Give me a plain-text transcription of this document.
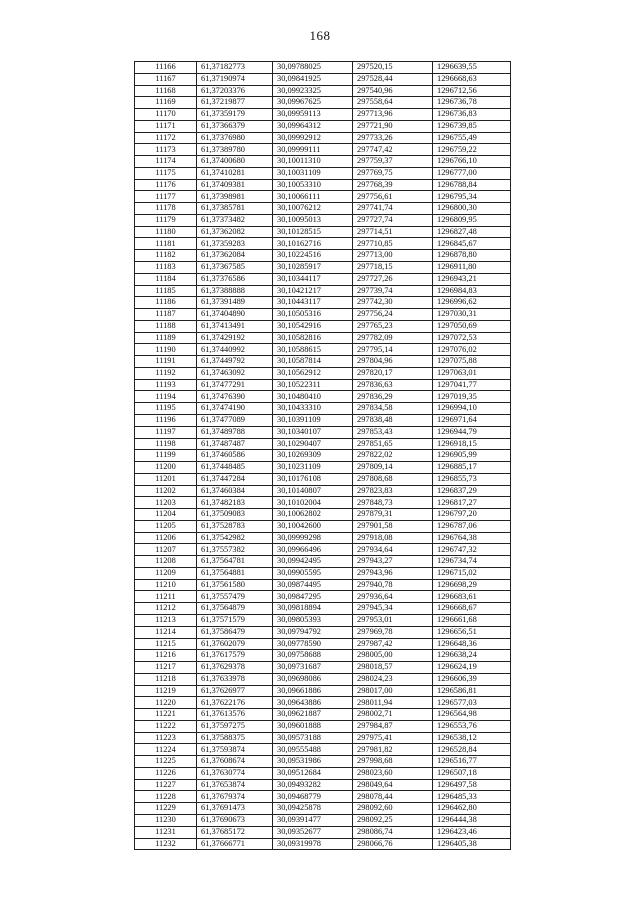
168
11166	61,37182773	30,09788025	297520,15	1296639,55
11167	61,37190974	30,09841925	297528,44	1296668,63
11168	61,37203376	30,09923325	297540,96	1296712,56
11169	61,37219877	30,09967625	297558,64	1296736,78
11170	61,37359179	30,09959113	297713,96	1296736,83
11171	61,37366379	30,09964312	297721,90	1296739,85
11172	61,37376980	30,09992912	297733,26	1296755,49
11173	61,37389780	30,09999111	297747,42	1296759,22
11174	61,37400680	30,10011310	297759,37	1296766,10
11175	61,37410281	30,10031109	297769,75	1296777,00
11176	61,37409381	30,10053310	297768,39	1296788,84
11177	61,37398981	30,10066111	297756,61	1296795,34
11178	61,37385781	30,10076212	297741,74	1296800,30
11179	61,37373482	30,10095013	297727,74	1296809,95
11180	61,37362082	30,10128515	297714,51	1296827,48
11181	61,37359283	30,10162716	297710,85	1296845,67
11182	61,37362084	30,10224516	297713,00	1296878,80
11183	61,37367585	30,10285917	297718,15	1296911,80
11184	61,37376586	30,10344117	297727,26	1296943,21
11185	61,37388888	30,10421217	297739,74	1296984,83
11186	61,37391489	30,10443117	297742,30	1296996,62
11187	61,37404890	30,10505316	297756,24	1297030,31
11188	61,37413491	30,10542916	297765,23	1297050,69
11189	61,37429192	30,10582816	297782,09	1297072,53
11190	61,37440992	30,10588615	297795,14	1297076,02
11191	61,37449792	30,10587814	297804,96	1297075,88
11192	61,37463092	30,10562912	297820,17	1297063,01
11193	61,37477291	30,10522311	297836,63	1297041,77
11194	61,37476390	30,10480410	297836,29	1297019,35
11195	61,37474190	30,10433310	297834,58	1296994,10
11196	61,37477089	30,10391109	297838,48	1296971,64
11197	61,37489788	30,10340107	297853,43	1296944,79
11198	61,37487487	30,10290407	297851,65	1296918,15
11199	61,37460586	30,10269309	297822,02	1296905,99
11200	61,37448485	30,10231109	297809,14	1296885,17
11201	61,37447284	30,10176108	297808,68	1296855,73
11202	61,37460384	30,10140807	297823,83	1296837,29
11203	61,37482183	30,10102004	297848,73	1296817,27
11204	61,37509083	30,10062802	297879,31	1296797,20
11205	61,37528783	30,10042600	297901,58	1296787,06
11206	61,37542982	30,09999298	297918,08	1296764,38
11207	61,37557382	30,09966496	297934,64	1296747,32
11208	61,37564781	30,09942495	297943,27	1296734,74
11209	61,37564881	30,09905595	297943,96	1296715,02
11210	61,37561580	30,09874495	297940,78	1296698,29
11211	61,37557479	30,09847295	297936,64	1296683,61
11212	61,37564879	30,09818894	297945,34	1296668,67
11213	61,37571579	30,09805393	297953,01	1296661,68
11214	61,37586479	30,09794792	297969,78	1296656,51
11215	61,37602079	30,09778590	297987,42	1296648,36
11216	61,37617579	30,09758688	298005,00	1296638,24
11217	61,37629378	30,09731687	298018,57	1296624,19
11218	61,37633978	30,09698086	298024,23	1296606,39
11219	61,37626977	30,09661886	298017,00	1296586,81
11220	61,37622176	30,09643886	298011,94	1296577,03
11221	61,37613576	30,09621887	298002,71	1296564,98
11222	61,37597275	30,09601888	297984,87	1296553,76
11223	61,37588375	30,09573188	297975,41	1296538,12
11224	61,37593874	30,09555488	297981,82	1296528,84
11225	61,37608674	30,09531986	297998,68	1296516,77
11226	61,37630774	30,09512684	298023,60	1296507,18
11227	61,37653874	30,09493282	298049,64	1296497,58
11228	61,37679374	30,09468779	298078,44	1296485,33
11229	61,37691473	30,09425878	298092,60	1296462,80
11230	61,37690673	30,09391477	298092,25	1296444,38
11231	61,37685172	30,09352677	298086,74	1296423,46
11232	61,37666771	30,09319978	298066,76	1296405,38
